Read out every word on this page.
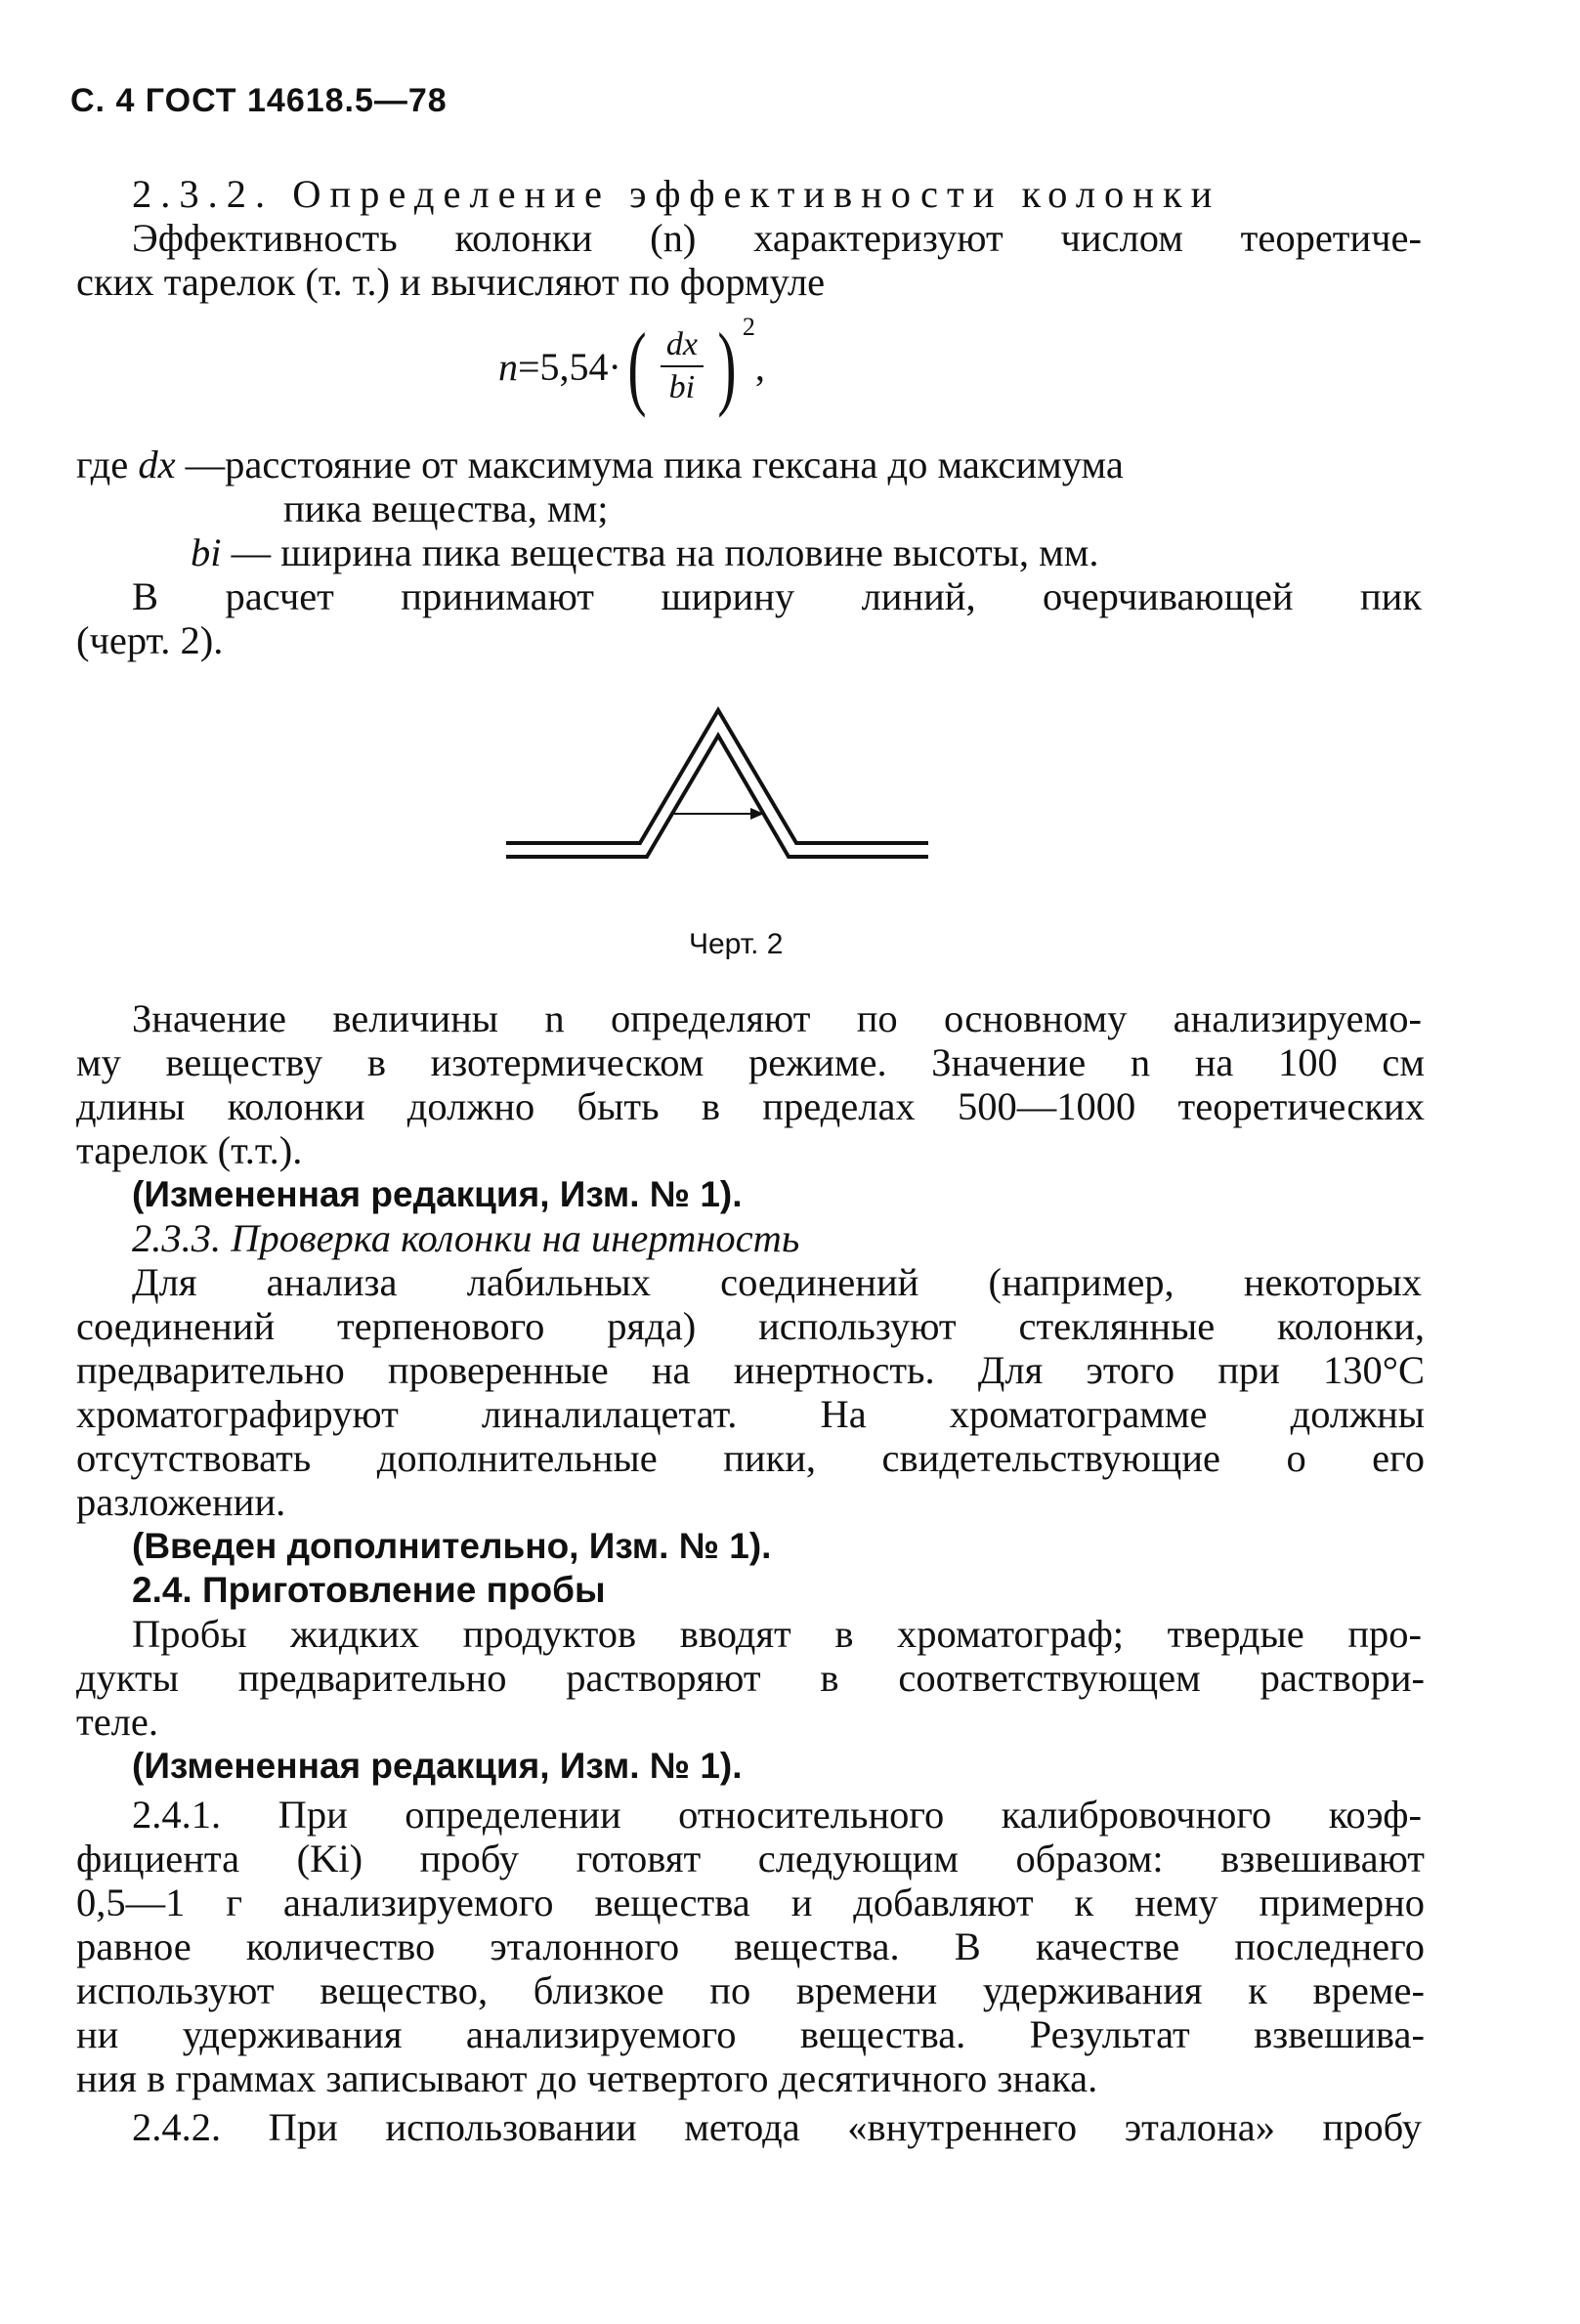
С. 4 ГОСТ 14618.5—78
2.3.2. Определение эффективности колонки
Эффективность колонки (n) характеризуют числом теоретиче-
ских тарелок (т. т.) и вычисляют по формуле
n =5,54· ( $\frac{dx}{bi}$ ) 2
,
где dx —расстояние от максимума пика гексана до максимума
пика вещества, мм;
bi — ширина пика вещества на половине высоты, мм.
В расчет принимают ширину линий, очерчивающей пик
(черт. 2).
Черт. 2
Значение величины n определяют по основному анализируемо-
му веществу в изотермическом режиме. Значение n на 100 см
длины колонки должно быть в пределах 500—1000 теоретических
тарелок (т.т.).
(Измененная редакция, Изм. № 1).
2.3.3. Проверка колонки на инертность
Для анализа лабильных соединений (например, некоторых
соединений терпенового ряда) используют стеклянные колонки,
предварительно проверенные на инертность. Для этого при 130°С
хроматографируют линалилацетат. На хроматограмме должны
отсутствовать дополнительные пики, свидетельствующие о его
разложении.
(Введен дополнительно, Изм. № 1).
2.4. Приготовление пробы
Пробы жидких продуктов вводят в хроматограф; твердые про-
дукты предварительно растворяют в соответствующем раствори-
теле.
(Измененная редакция, Изм. № 1).
2.4.1. При определении относительного калибровочного коэф-
фициента (Ki) пробу готовят следующим образом: взвешивают
0,5—1 г анализируемого вещества и добавляют к нему примерно
равное количество эталонного вещества. В качестве последнего
используют вещество, близкое по времени удерживания к време-
ни удерживания анализируемого вещества. Результат взвешива-
ния в граммах записывают до четвертого десятичного знака.
2.4.2. При использовании метода «внутреннего эталона» пробу
